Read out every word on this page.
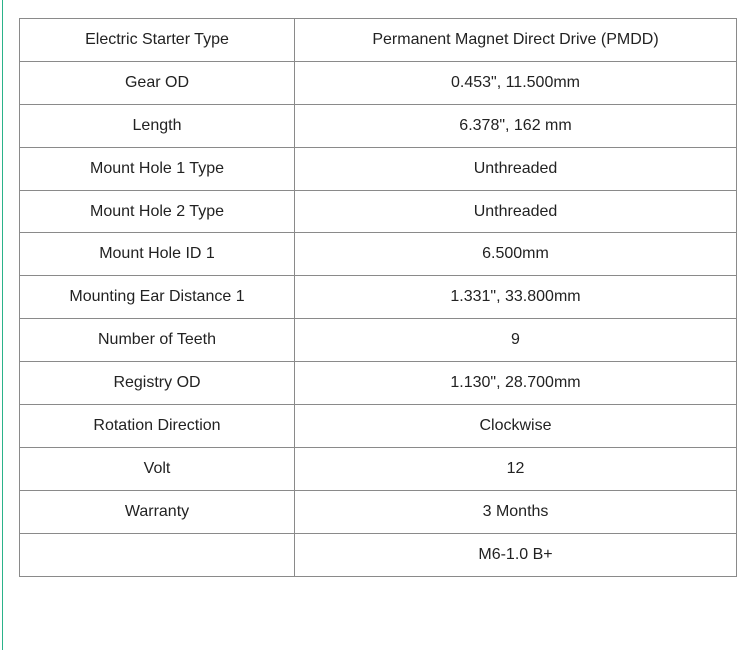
Electric Starter Type	Permanent Magnet Direct Drive (PMDD)
Gear OD	0.453", 11.500mm
Length	6.378", 162 mm
Mount Hole 1 Type	Unthreaded
Mount Hole 2 Type	Unthreaded
Mount Hole ID 1	6.500mm
Mounting Ear Distance 1	1.331", 33.800mm
Number of Teeth	9
Registry OD	1.130", 28.700mm
Rotation Direction	Clockwise
Volt	12
Warranty	3 Months
	M6-1.0 B+
